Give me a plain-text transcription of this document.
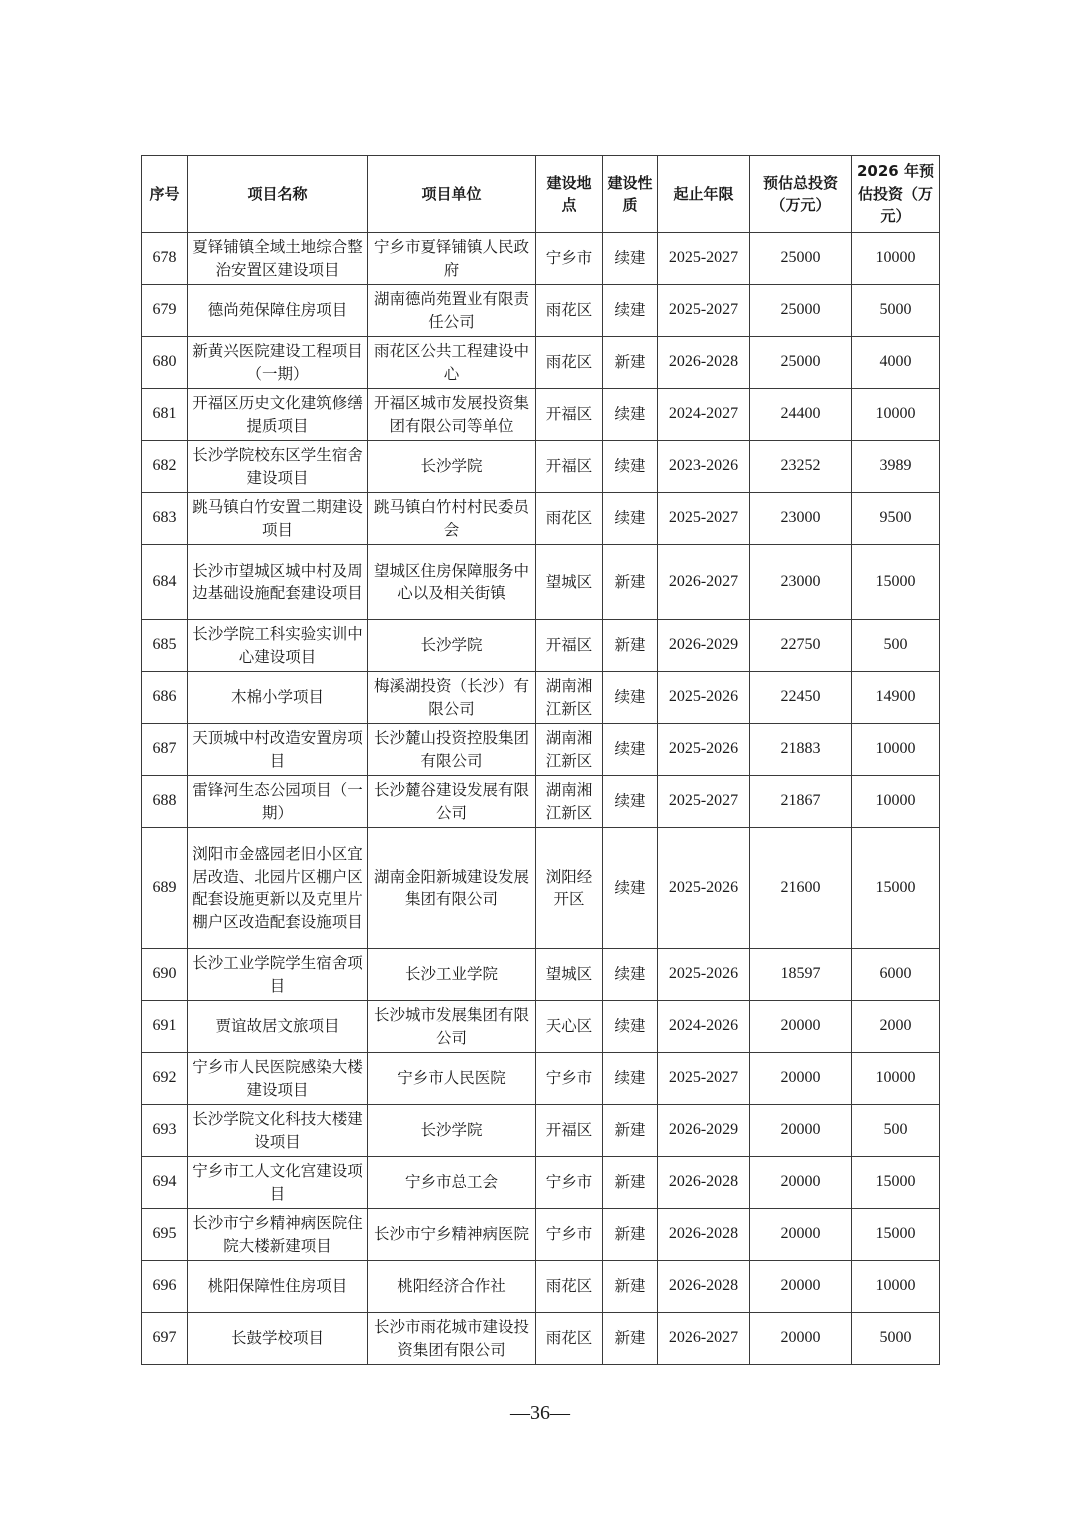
序号	项目名称	项目单位	建设地点	建设性质	起止年限	预估总投资（万元）	2026 年预估投资（万元）
678	夏铎铺镇全域土地综合整治安置区建设项目	宁乡市夏铎铺镇人民政府	宁乡市	续建	2025-2027	25000	10000
679	德尚苑保障住房项目	湖南德尚苑置业有限责任公司	雨花区	续建	2025-2027	25000	5000
680	新黄兴医院建设工程项目（一期）	雨花区公共工程建设中心	雨花区	新建	2026-2028	25000	4000
681	开福区历史文化建筑修缮提质项目	开福区城市发展投资集团有限公司等单位	开福区	续建	2024-2027	24400	10000
682	长沙学院校东区学生宿舍建设项目	长沙学院	开福区	续建	2023-2026	23252	3989
683	跳马镇白竹安置二期建设项目	跳马镇白竹村村民委员会	雨花区	续建	2025-2027	23000	9500
684	长沙市望城区城中村及周边基础设施配套建设项目	望城区住房保障服务中心以及相关街镇	望城区	新建	2026-2027	23000	15000
685	长沙学院工科实验实训中心建设项目	长沙学院	开福区	新建	2026-2029	22750	500
686	木棉小学项目	梅溪湖投资（长沙）有限公司	湖南湘江新区	续建	2025-2026	22450	14900
687	天顶城中村改造安置房项目	长沙麓山投资控股集团有限公司	湖南湘江新区	续建	2025-2026	21883	10000
688	雷锋河生态公园项目（一期）	长沙麓谷建设发展有限公司	湖南湘江新区	续建	2025-2027	21867	10000
689	浏阳市金盛园老旧小区宜居改造、北园片区棚户区配套设施更新以及克里片棚户区改造配套设施项目	湖南金阳新城建设发展集团有限公司	浏阳经开区	续建	2025-2026	21600	15000
690	长沙工业学院学生宿舍项目	长沙工业学院	望城区	续建	2025-2026	18597	6000
691	贾谊故居文旅项目	长沙城市发展集团有限公司	天心区	续建	2024-2026	20000	2000
692	宁乡市人民医院感染大楼建设项目	宁乡市人民医院	宁乡市	续建	2025-2027	20000	10000
693	长沙学院文化科技大楼建设项目	长沙学院	开福区	新建	2026-2029	20000	500
694	宁乡市工人文化宫建设项目	宁乡市总工会	宁乡市	新建	2026-2028	20000	15000
695	长沙市宁乡精神病医院住院大楼新建项目	长沙市宁乡精神病医院	宁乡市	新建	2026-2028	20000	15000
696	桃阳保障性住房项目	桃阳经济合作社	雨花区	新建	2026-2028	20000	10000
697	长鼓学校项目	长沙市雨花城市建设投资集团有限公司	雨花区	新建	2026-2027	20000	5000
—36—
